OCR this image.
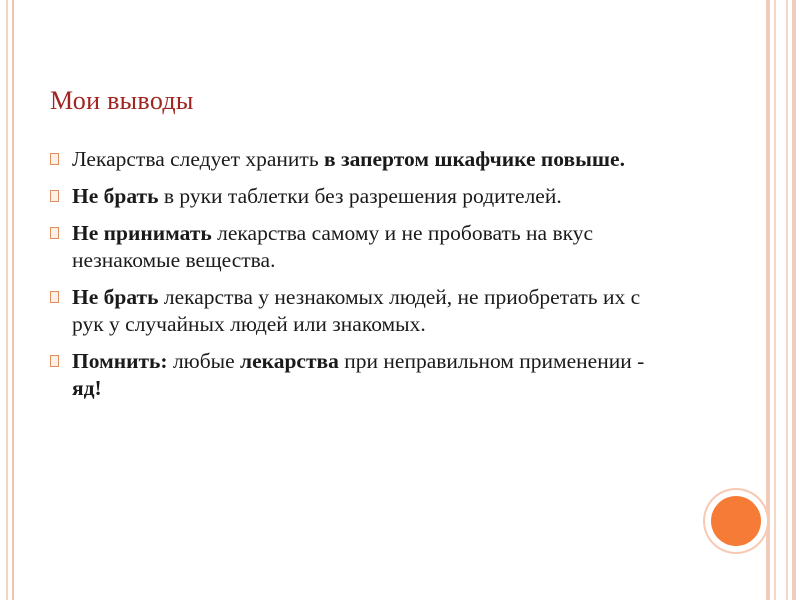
Мои выводы
Лекарства следует хранить в запертом шкафчике повыше.
Не брать в руки таблетки без разрешения родителей.
Не принимать лекарства самому и не пробовать на вкус незнакомые вещества.
Не брать лекарства у незнакомых людей, не приобретать их с рук у случайных людей или знакомых.
Помнить: любые лекарства при неправильном применении - яд!
